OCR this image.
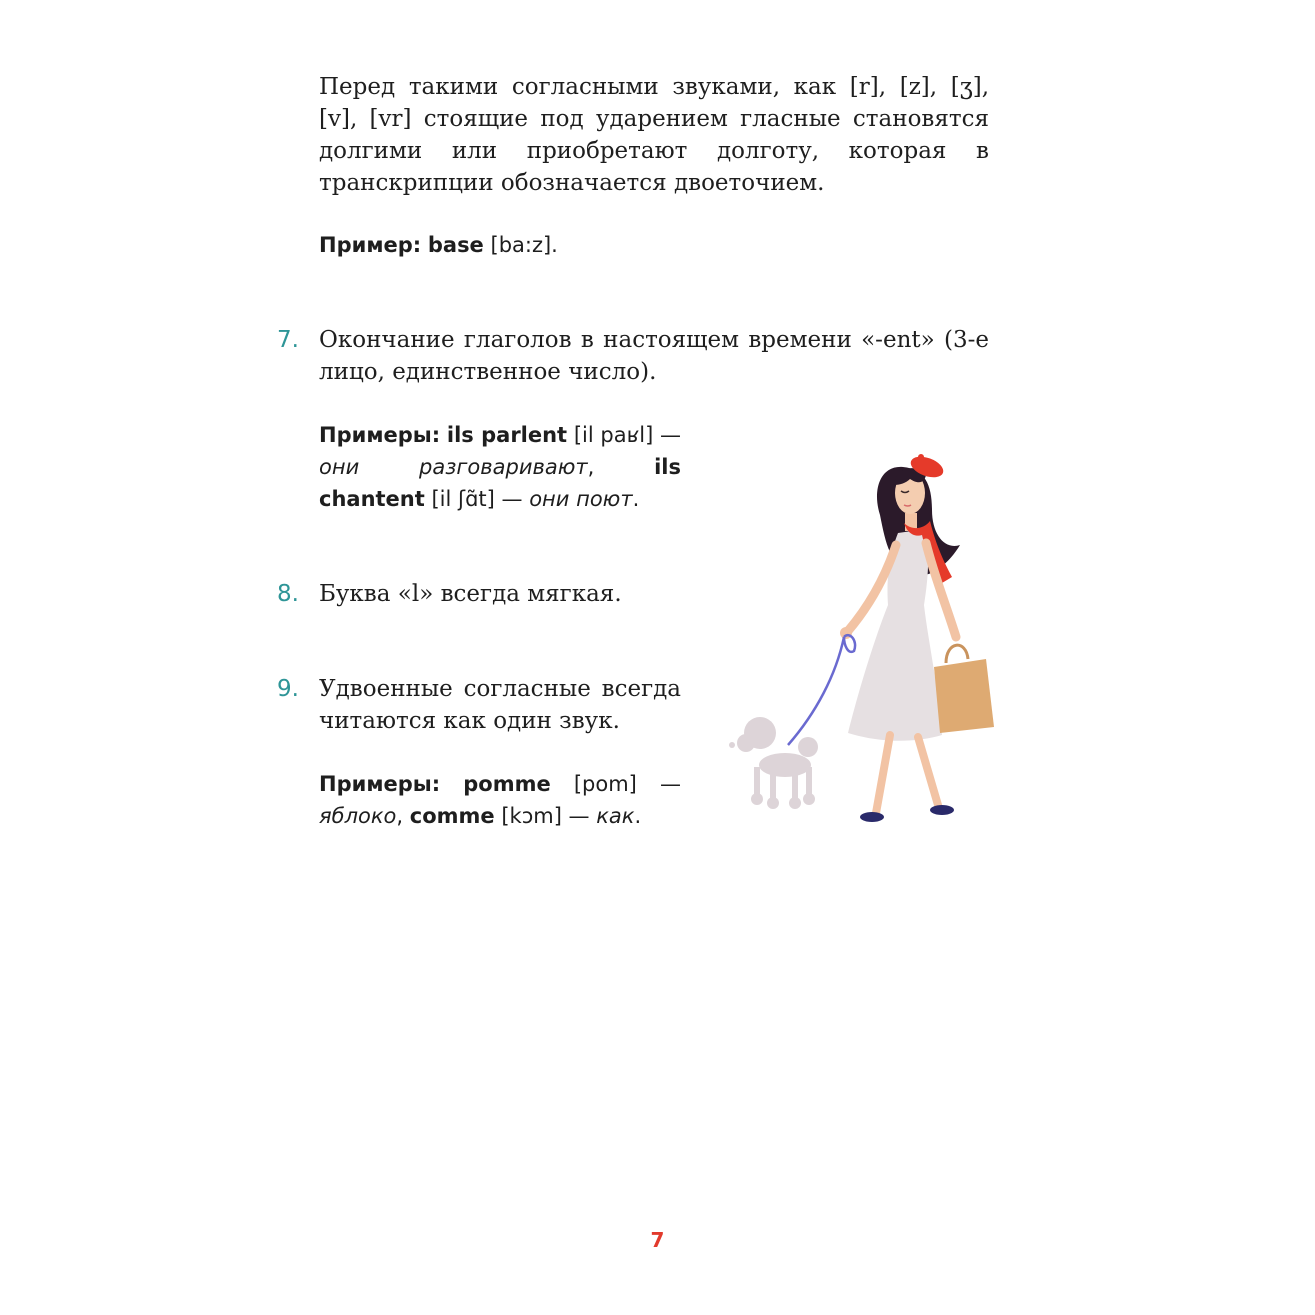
Перед такими согласными звуками, как [r], [z], [ʒ], [v], [vr] стоящие под ударением гласные становятся долгими или приобретают долготу, которая в транскрипции обозначается двоеточием.

Пример: base [ba:z].

7. Окончание глаголов в настоящем времени «-ent» (3-е лицо, единственное число).

Примеры: ils parlent [il paʁl] — они разговаривают,	ils chantent [il ʃɑ̃t] — они поют.

8. Буква «l» всегда мягкая.

9. Удвоенные согласные всегда читаются как один звук.

Примеры: pomme [pom] — яблоко, comme [kɔm] — как.

7
